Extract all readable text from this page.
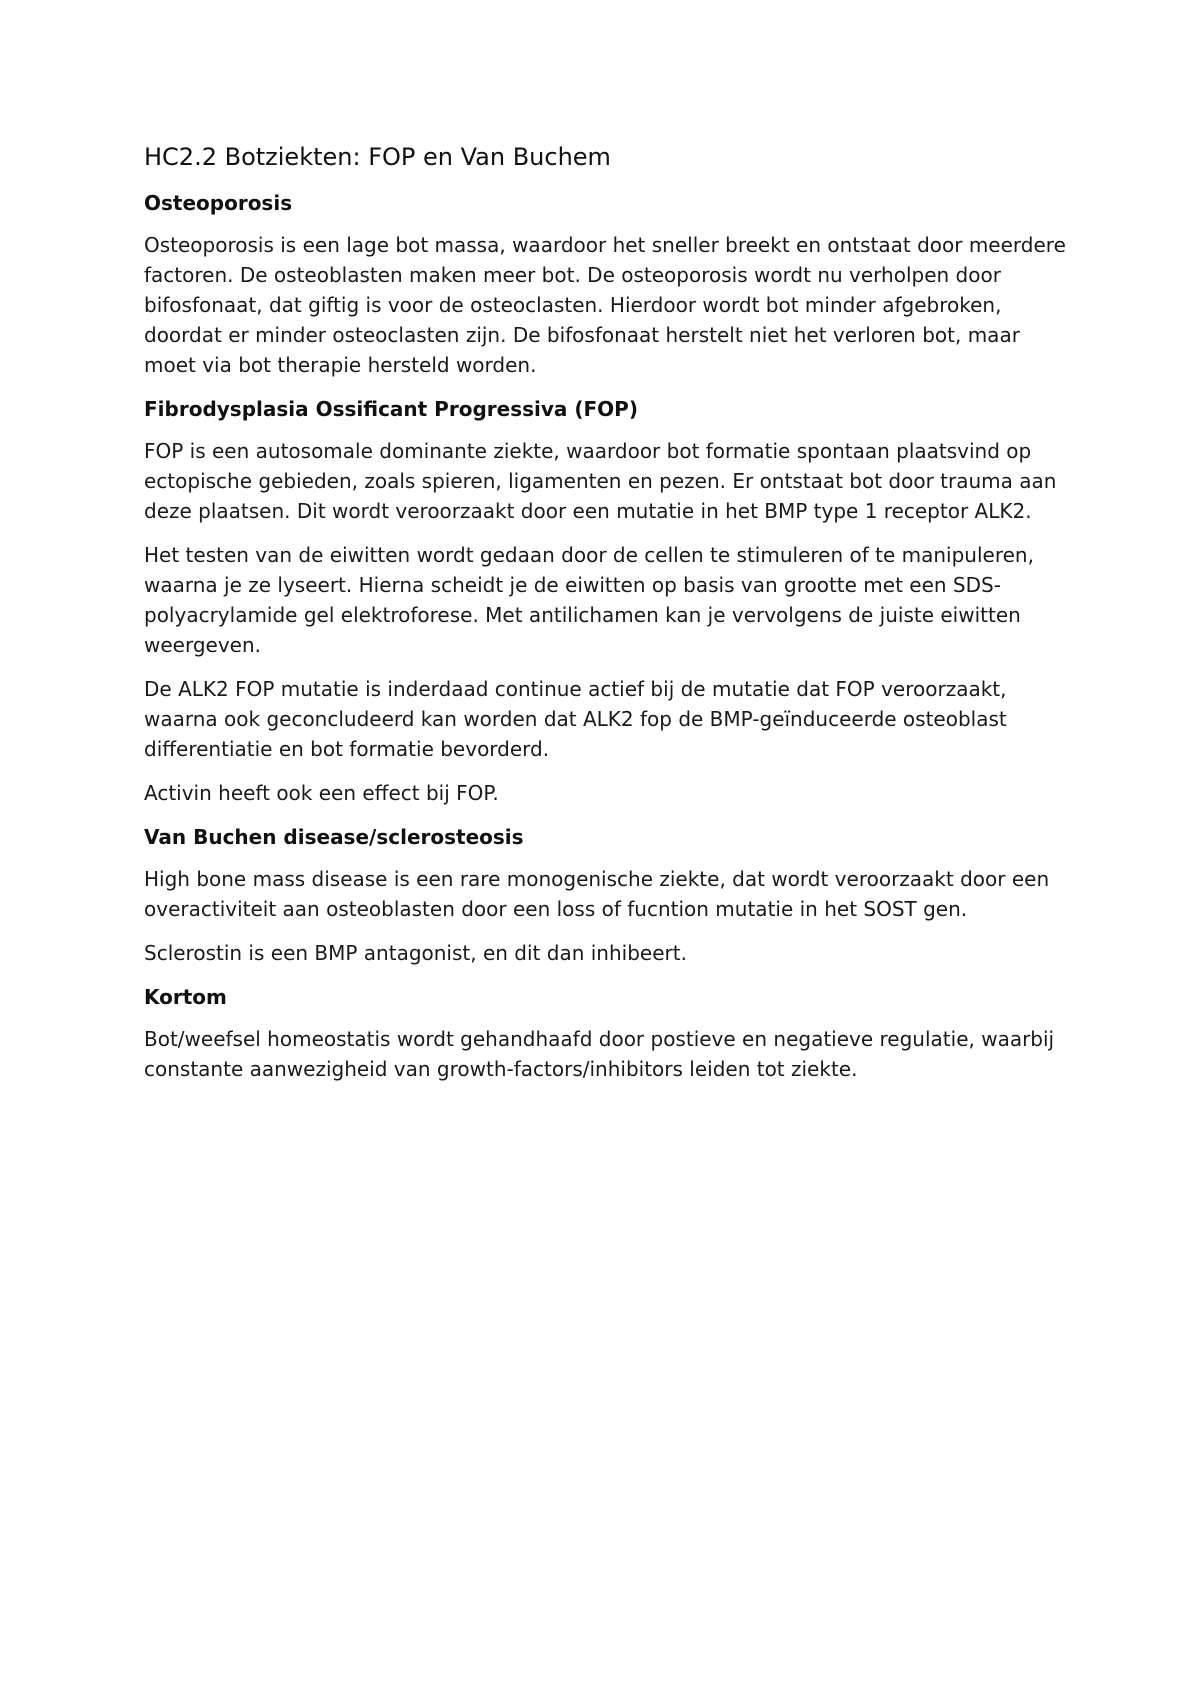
HC2.2 Botziekten: FOP en Van Buchem
Osteoporosis

Osteoporosis is een lage bot massa, waardoor het sneller breekt en ontstaat door meerdere factoren. De osteoblasten maken meer bot. De osteoporosis wordt nu verholpen door bifosfonaat, dat giftig is voor de osteoclasten. Hierdoor wordt bot minder afgebroken, doordat er minder osteoclasten zijn. De bifosfonaat herstelt niet het verloren bot, maar moet via bot therapie hersteld worden.

Fibrodysplasia Ossificant Progressiva (FOP)

FOP is een autosomale dominante ziekte, waardoor bot formatie spontaan plaatsvind op ectopische gebieden, zoals spieren, ligamenten en pezen. Er ontstaat bot door trauma aan deze plaatsen. Dit wordt veroorzaakt door een mutatie in het BMP type 1 receptor ALK2.

Het testen van de eiwitten wordt gedaan door de cellen te stimuleren of te manipuleren, waarna je ze lyseert. Hierna scheidt je de eiwitten op basis van grootte met een SDS-polyacrylamide gel elektroforese. Met antilichamen kan je vervolgens de juiste eiwitten weergeven.

De ALK2 FOP mutatie is inderdaad continue actief bij de mutatie dat FOP veroorzaakt, waarna ook geconcludeerd kan worden dat ALK2 fop de BMP-geïnduceerde osteoblast differentiatie en bot formatie bevorderd.

Activin heeft ook een effect bij FOP.

Van Buchen disease/sclerosteosis

High bone mass disease is een rare monogenische ziekte, dat wordt veroorzaakt door een overactiviteit aan osteoblasten door een loss of fucntion mutatie in het SOST gen.

Sclerostin is een BMP antagonist, en dit dan inhibeert.

Kortom

Bot/weefsel homeostatis wordt gehandhaafd door postieve en negatieve regulatie, waarbij constante aanwezigheid van growth-factors/inhibitors leiden tot ziekte.
